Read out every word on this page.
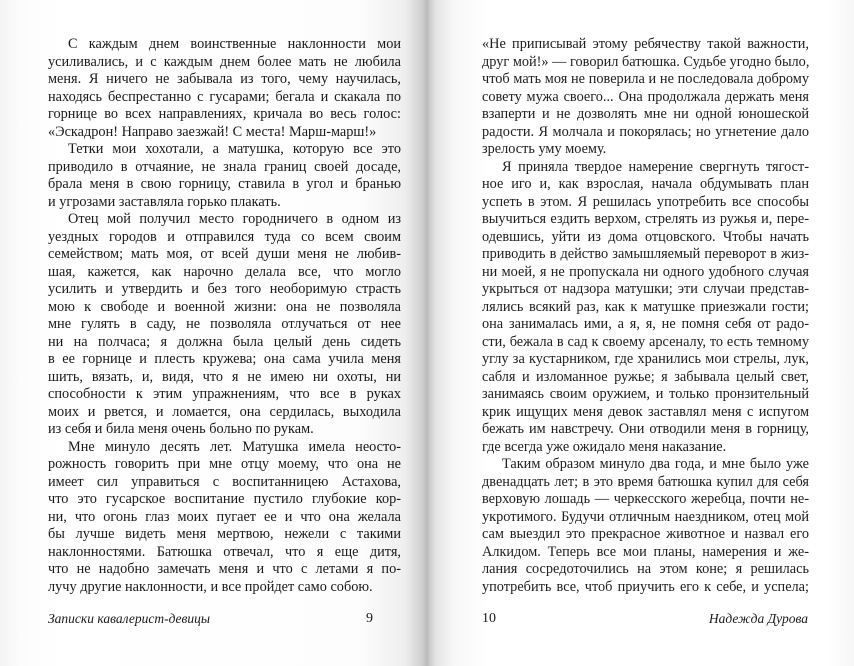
С каждым днем воинственные наклонности мои
усиливались, и с каждым днем более мать не любила
меня. Я ничего не забывала из того, чему научилась,
находясь беспрестанно с гусарами; бегала и скакала по
горнице во всех направлениях, кричала во весь голос:
«Эскадрон! Направо заезжай! С места! Марш-марш!»
Тетки мои хохотали, а матушка, которую все это
приводило в отчаяние, не знала границ своей досаде,
брала меня в свою горницу, ставила в угол и бранью
и угрозами заставляла горько плакать.
Отец мой получил место городничего в одном из
уездных городов и отправился туда со всем своим
семейством; мать моя, от всей души меня не любив-
шая, кажется, как нарочно делала все, что могло
усилить и утвердить и без того необоримую страсть
мою к свободе и военной жизни: она не позволяла
мне гулять в саду, не позволяла отлучаться от нее
ни на полчаса; я должна была целый день сидеть
в ее горнице и плесть кружева; она сама учила меня
шить, вязать, и, видя, что я не имею ни охоты, ни
способности к этим упражнениям, что все в руках
моих и рвется, и ломается, она сердилась, выходила
из себя и била меня очень больно по рукам.
Мне минуло десять лет. Матушка имела неосто-
рожность говорить при мне отцу моему, что она не
имеет сил управиться с воспитанницею Астахова,
что это гусарское воспитание пустило глубокие кор-
ни, что огонь глаз моих пугает ее и что она желала
бы лучше видеть меня мертвою, нежели с такими
наклонностями. Батюшка отвечал, что я еще дитя,
что не надобно замечать меня и что с летами я по-
лучу другие наклонности, и все пройдет само собою.
Записки кавалерист-девицы	9
«Не приписывай этому ребячеству такой важности,
друг мой!» — говорил батюшка. Судьбе угодно было,
чтоб мать моя не поверила и не последовала доброму
совету мужа своего... Она продолжала держать меня
взаперти и не дозволять мне ни одной юношеской
радости. Я молчала и покорялась; но угнетение дало
зрелость уму моему.
Я приняла твердое намерение свергнуть тягост-
ное иго и, как взрослая, начала обдумывать план
успеть в этом. Я решилась употребить все способы
выучиться ездить верхом, стрелять из ружья и, пере-
одевшись, уйти из дома отцовского. Чтобы начать
приводить в действо замышляемый переворот в жиз-
ни моей, я не пропускала ни одного удобного случая
укрыться от надзора матушки; эти случаи представ-
лялись всякий раз, как к матушке приезжали гости;
она занималась ими, а я, я, не помня себя от радо-
сти, бежала в сад к своему арсеналу, то есть темному
углу за кустарником, где хранились мои стрелы, лук,
сабля и изломанное ружье; я забывала целый свет,
занимаясь своим оружием, и только пронзительный
крик ищущих меня девок заставлял меня с испугом
бежать им навстречу. Они отводили меня в горницу,
где всегда уже ожидало меня наказание.
Таким образом минуло два года, и мне было уже
двенадцать лет; в это время батюшка купил для себя
верховую лошадь — черкесского жеребца, почти не-
укротимого. Будучи отличным наездником, отец мой
сам выездил это прекрасное животное и назвал его
Алкидом. Теперь все мои планы, намерения и же-
лания сосредоточились на этом коне; я решилась
употребить все, чтоб приучить его к себе, и успела;
10	Надежда Дурова
